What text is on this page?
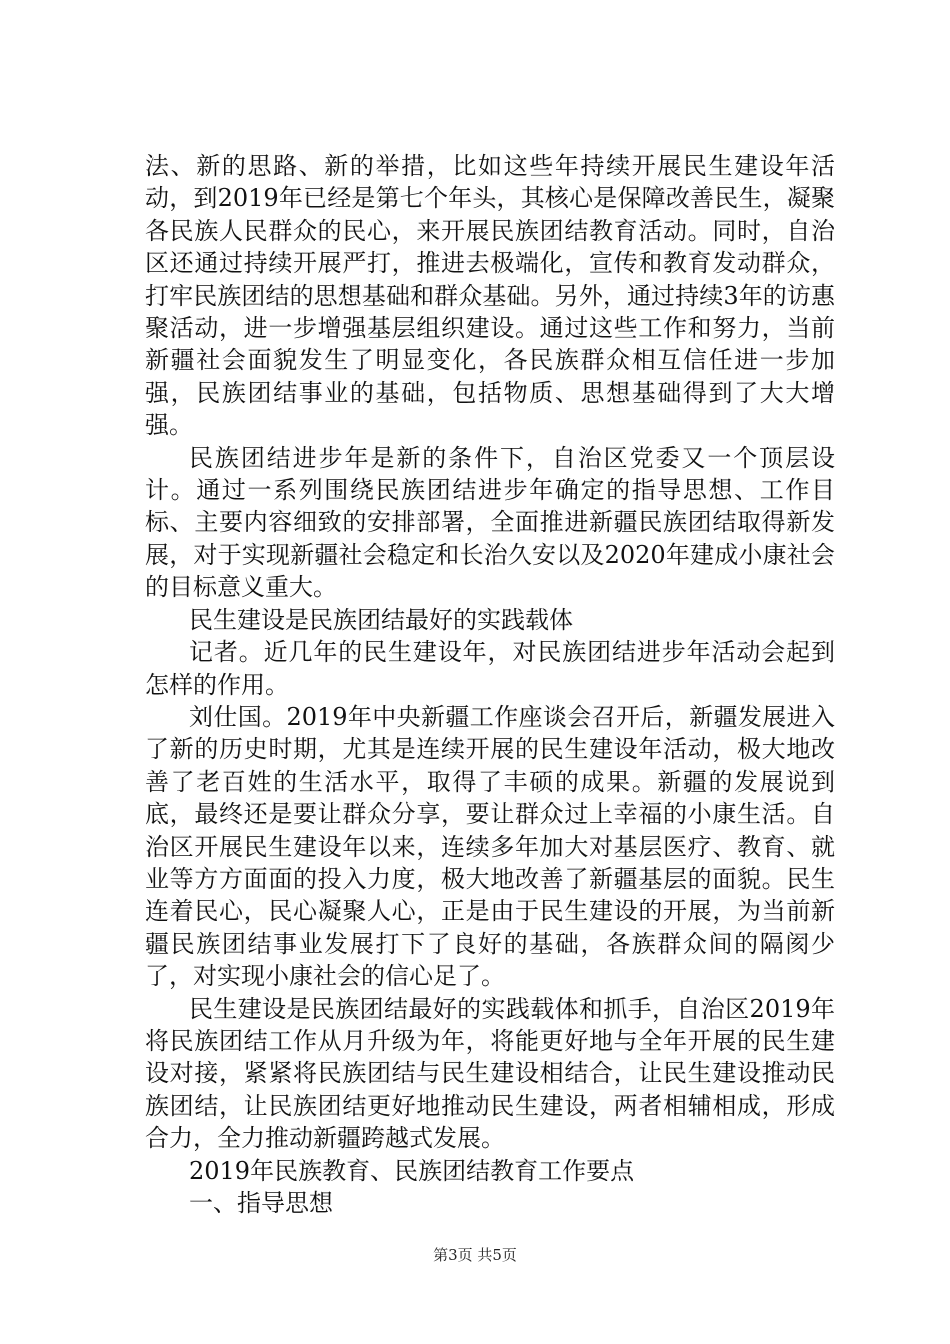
法、新的思路、新的举措，比如这些年持续开展民生建设年活动，到2019年已经是第七个年头，其核心是保障改善民生，凝聚各民族人民群众的民心，来开展民族团结教育活动。同时，自治区还通过持续开展严打，推进去极端化，宣传和教育发动群众，打牢民族团结的思想基础和群众基础。另外，通过持续3年的访惠聚活动，进一步增强基层组织建设。通过这些工作和努力，当前新疆社会面貌发生了明显变化，各民族群众相互信任进一步加强，民族团结事业的基础，包括物质、思想基础得到了大大增强。

民族团结进步年是新的条件下，自治区党委又一个顶层设计。通过一系列围绕民族团结进步年确定的指导思想、工作目标、主要内容细致的安排部署，全面推进新疆民族团结取得新发展，对于实现新疆社会稳定和长治久安以及2020年建成小康社会的目标意义重大。

民生建设是民族团结最好的实践载体

记者。近几年的民生建设年，对民族团结进步年活动会起到怎样的作用。

刘仕国。2019年中央新疆工作座谈会召开后，新疆发展进入了新的历史时期，尤其是连续开展的民生建设年活动，极大地改善了老百姓的生活水平，取得了丰硕的成果。新疆的发展说到底，最终还是要让群众分享，要让群众过上幸福的小康生活。自治区开展民生建设年以来，连续多年加大对基层医疗、教育、就业等方方面面的投入力度，极大地改善了新疆基层的面貌。民生连着民心，民心凝聚人心，正是由于民生建设的开展，为当前新疆民族团结事业发展打下了良好的基础，各族群众间的隔阂少了，对实现小康社会的信心足了。

民生建设是民族团结最好的实践载体和抓手，自治区2019年将民族团结工作从月升级为年，将能更好地与全年开展的民生建设对接，紧紧将民族团结与民生建设相结合，让民生建设推动民族团结，让民族团结更好地推动民生建设，两者相辅相成，形成合力，全力推动新疆跨越式发展。

2019年民族教育、民族团结教育工作要点

一、指导思想

第3页 共5页
